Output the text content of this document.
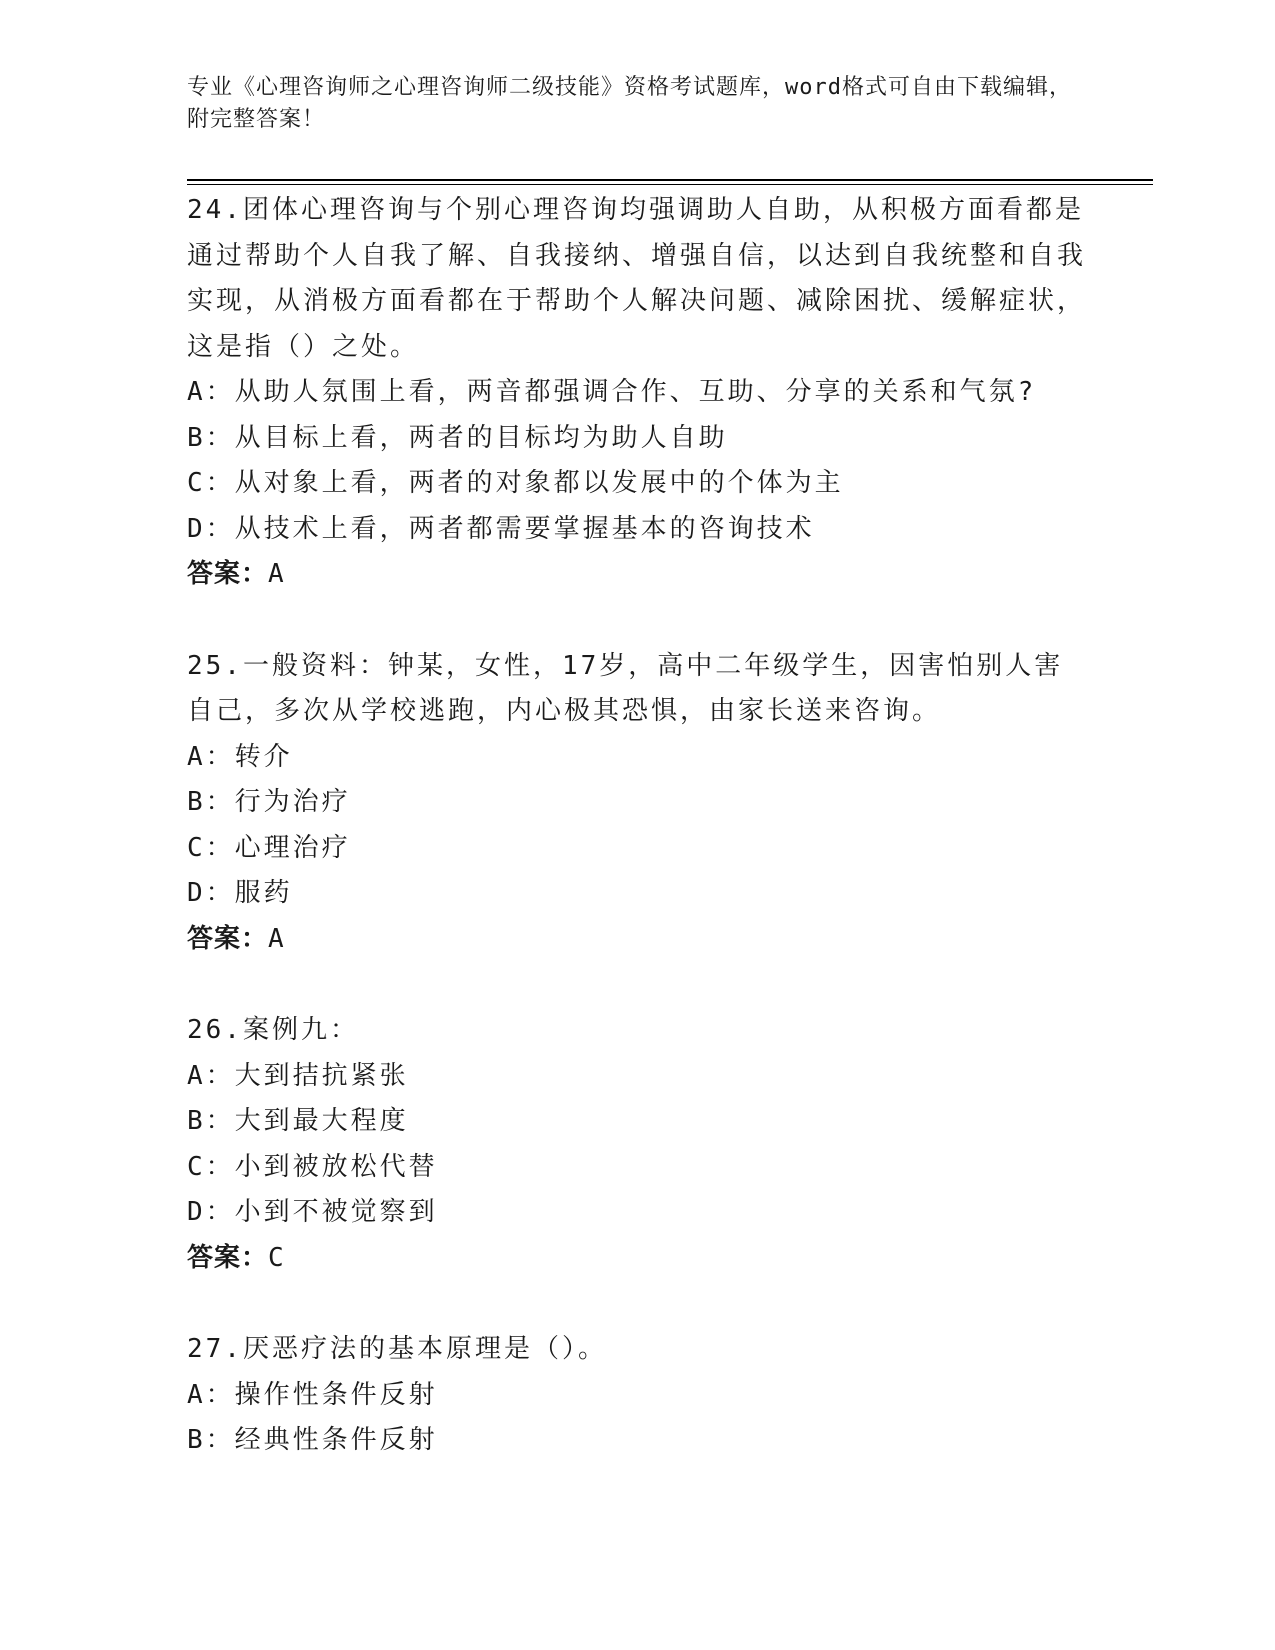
专业《心理咨询师之心理咨询师二级技能》资格考试题库，word格式可自由下载编辑，附完整答案！

24.团体心理咨询与个别心理咨询均强调助人自助，从积极方面看都是通过帮助个人自我了解、自我接纳、增强自信，以达到自我统整和自我实现，从消极方面看都在于帮助个人解决问题、减除困扰、缓解症状，这是指（）之处。

A：从助人氛围上看，两音都强调合作、互助、分享的关系和气氛?

B：从目标上看，两者的目标均为助人自助

C：从对象上看，两者的对象都以发展中的个体为主

D：从技术上看，两者都需要掌握基本的咨询技术

答案：A

25.一般资料：钟某，女性，17岁，高中二年级学生，因害怕别人害自己，多次从学校逃跑，内心极其恐惧，由家长送来咨询。

A：转介

B：行为治疗

C：心理治疗

D：服药

答案：A

26.案例九：

A：大到拮抗紧张

B：大到最大程度

C：小到被放松代替

D：小到不被觉察到

答案：C

27.厌恶疗法的基本原理是（）。

A：操作性条件反射

B：经典性条件反射
